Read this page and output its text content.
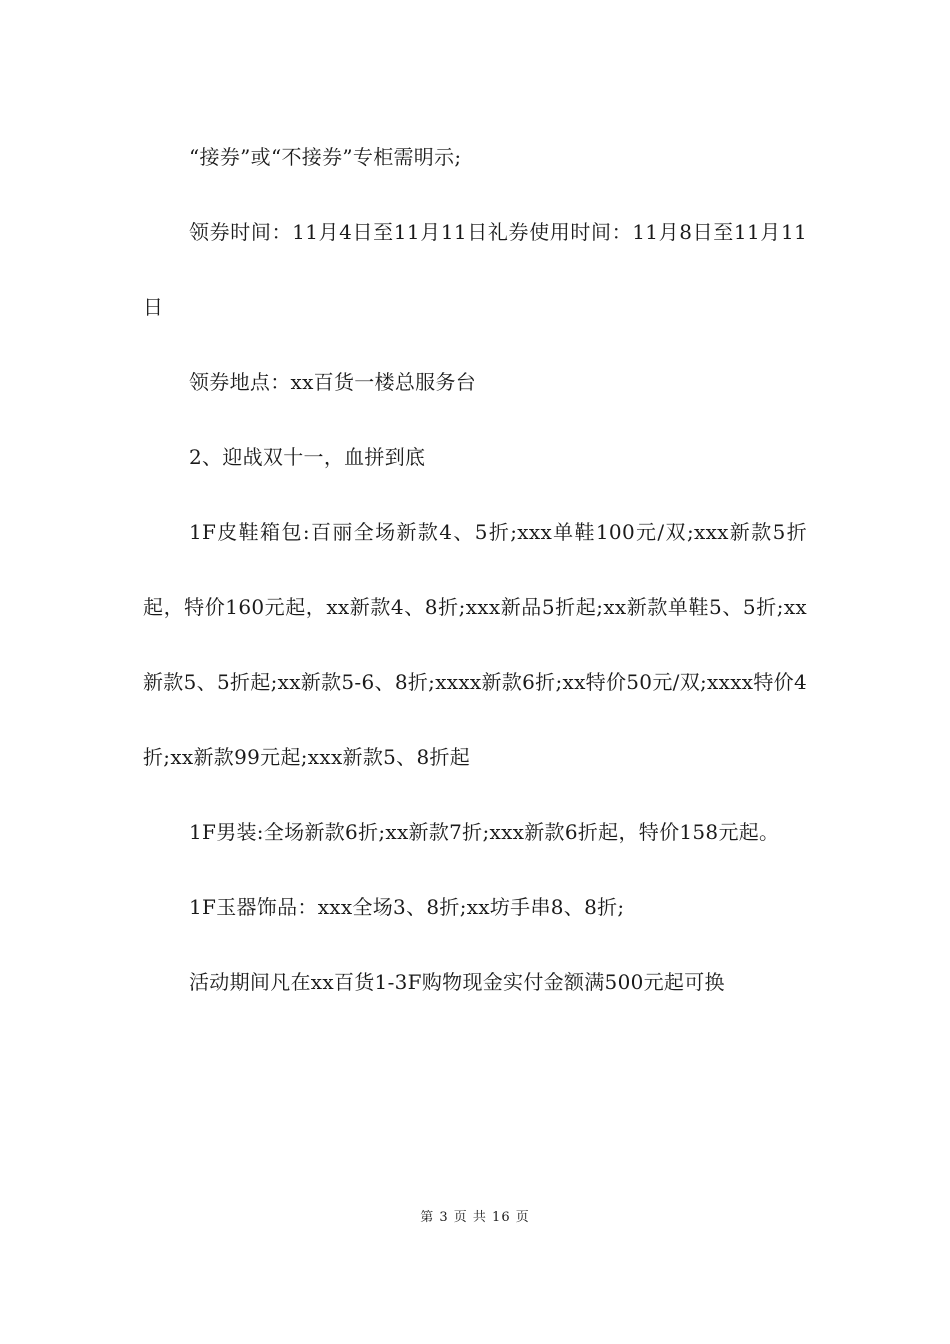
“接券”或“不接券”专柜需明示;

领券时间：11月4日至11月11日礼券使用时间：11月8日至11月11日

领券地点：xx百货一楼总服务台

2、迎战双十一，血拼到底

1F皮鞋箱包:百丽全场新款4、5折;xxx单鞋100元/双;xxx新款5折起，特价160元起，xx新款4、8折;xxx新品5折起;xx新款单鞋5、5折;xx新款5、5折起;xx新款5-6、8折;xxxx新款6折;xx特价50元/双;xxxx特价4折;xx新款99元起;xxx新款5、8折起

1F男装:全场新款6折;xx新款7折;xxx新款6折起，特价158元起。

1F玉器饰品：xxx全场3、8折;xx坊手串8、8折;

活动期间凡在xx百货1-3F购物现金实付金额满500元起可换

第 3 页 共 16 页
